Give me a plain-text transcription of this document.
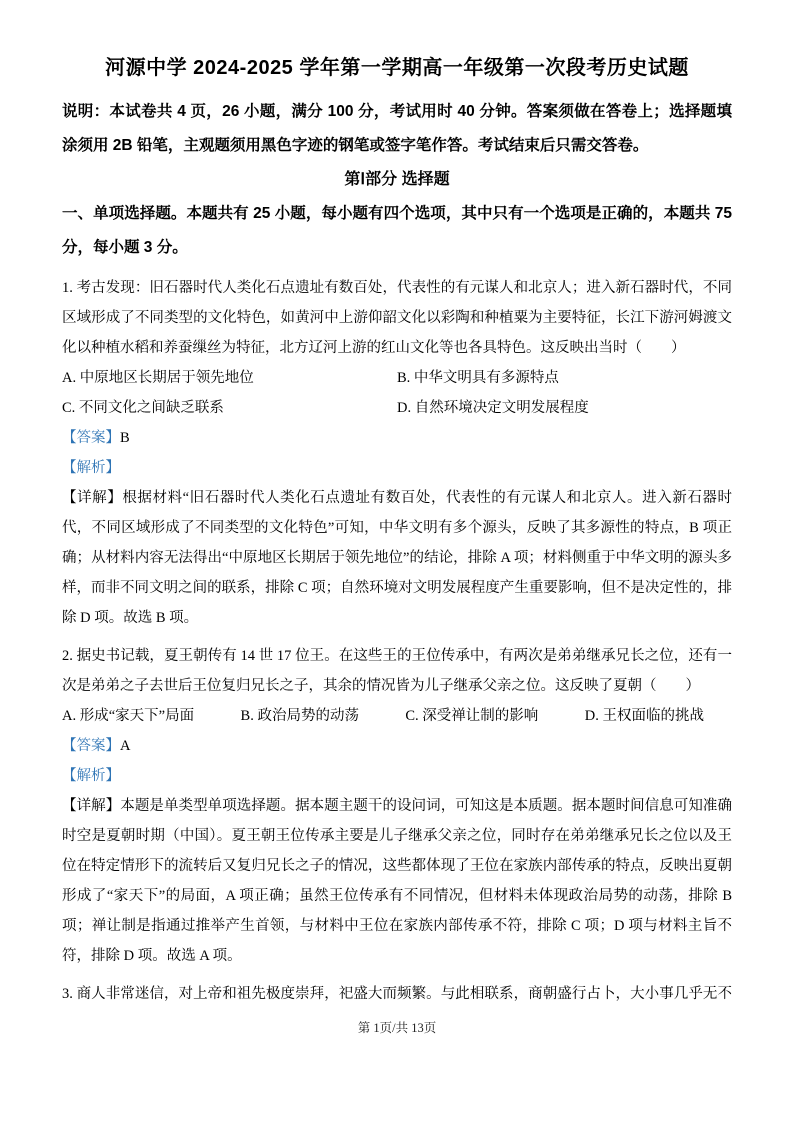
河源中学 2024-2025 学年第一学期高一年级第一次段考历史试题
说明：本试卷共 4 页，26 小题，满分 100 分，考试用时 40 分钟。答案须做在答卷上；选择题填涂须用 2B 铅笔，主观题须用黑色字迹的钢笔或签字笔作答。考试结束后只需交答卷。
第Ⅰ部分 选择题
一、单项选择题。本题共有 25 小题，每小题有四个选项，其中只有一个选项是正确的，本题共 75 分，每小题 3 分。
1. 考古发现：旧石器时代人类化石点遗址有数百处，代表性的有元谋人和北京人；进入新石器时代，不同区域形成了不同类型的文化特色，如黄河中上游仰韶文化以彩陶和种植粟为主要特征，长江下游河姆渡文化以种植水稻和养蚕缫丝为特征，北方辽河上游的红山文化等也各具特色。这反映出当时（　　）
A. 中原地区长期居于领先地位	B. 中华文明具有多源特点
C. 不同文化之间缺乏联系	D. 自然环境决定文明发展程度
【答案】B
【解析】
【详解】根据材料“旧石器时代人类化石点遗址有数百处，代表性的有元谋人和北京人。进入新石器时代，不同区域形成了不同类型的文化特色”可知，中华文明有多个源头，反映了其多源性的特点，B 项正确；从材料内容无法得出“中原地区长期居于领先地位”的结论，排除 A 项；材料侧重于中华文明的源头多样，而非不同文明之间的联系，排除 C 项；自然环境对文明发展程度产生重要影响，但不是决定性的，排除 D 项。故选 B 项。
2. 据史书记载，夏王朝传有 14 世 17 位王。在这些王的王位传承中，有两次是弟弟继承兄长之位，还有一次是弟弟之子去世后王位复归兄长之子，其余的情况皆为儿子继承父亲之位。这反映了夏朝（　　）
A. 形成“家天下”局面	B. 政治局势的动荡	C. 深受禅让制的影响	D. 王权面临的挑战
【答案】A
【解析】
【详解】本题是单类型单项选择题。据本题主题干的设问词，可知这是本质题。据本题时间信息可知准确时空是夏朝时期（中国）。夏王朝王位传承主要是儿子继承父亲之位，同时存在弟弟继承兄长之位以及王位在特定情形下的流转后又复归兄长之子的情况，这些都体现了王位在家族内部传承的特点，反映出夏朝形成了“家天下”的局面，A 项正确；虽然王位传承有不同情况，但材料未体现政治局势的动荡，排除 B 项；禅让制是指通过推举产生首领，与材料中王位在家族内部传承不符，排除 C 项；D 项与材料主旨不符，排除 D 项。故选 A 项。
3. 商人非常迷信，对上帝和祖先极度崇拜，祀盛大而频繁。与此相联系，商朝盛行占卜，大小事几乎无不
第 1页/共 13页
